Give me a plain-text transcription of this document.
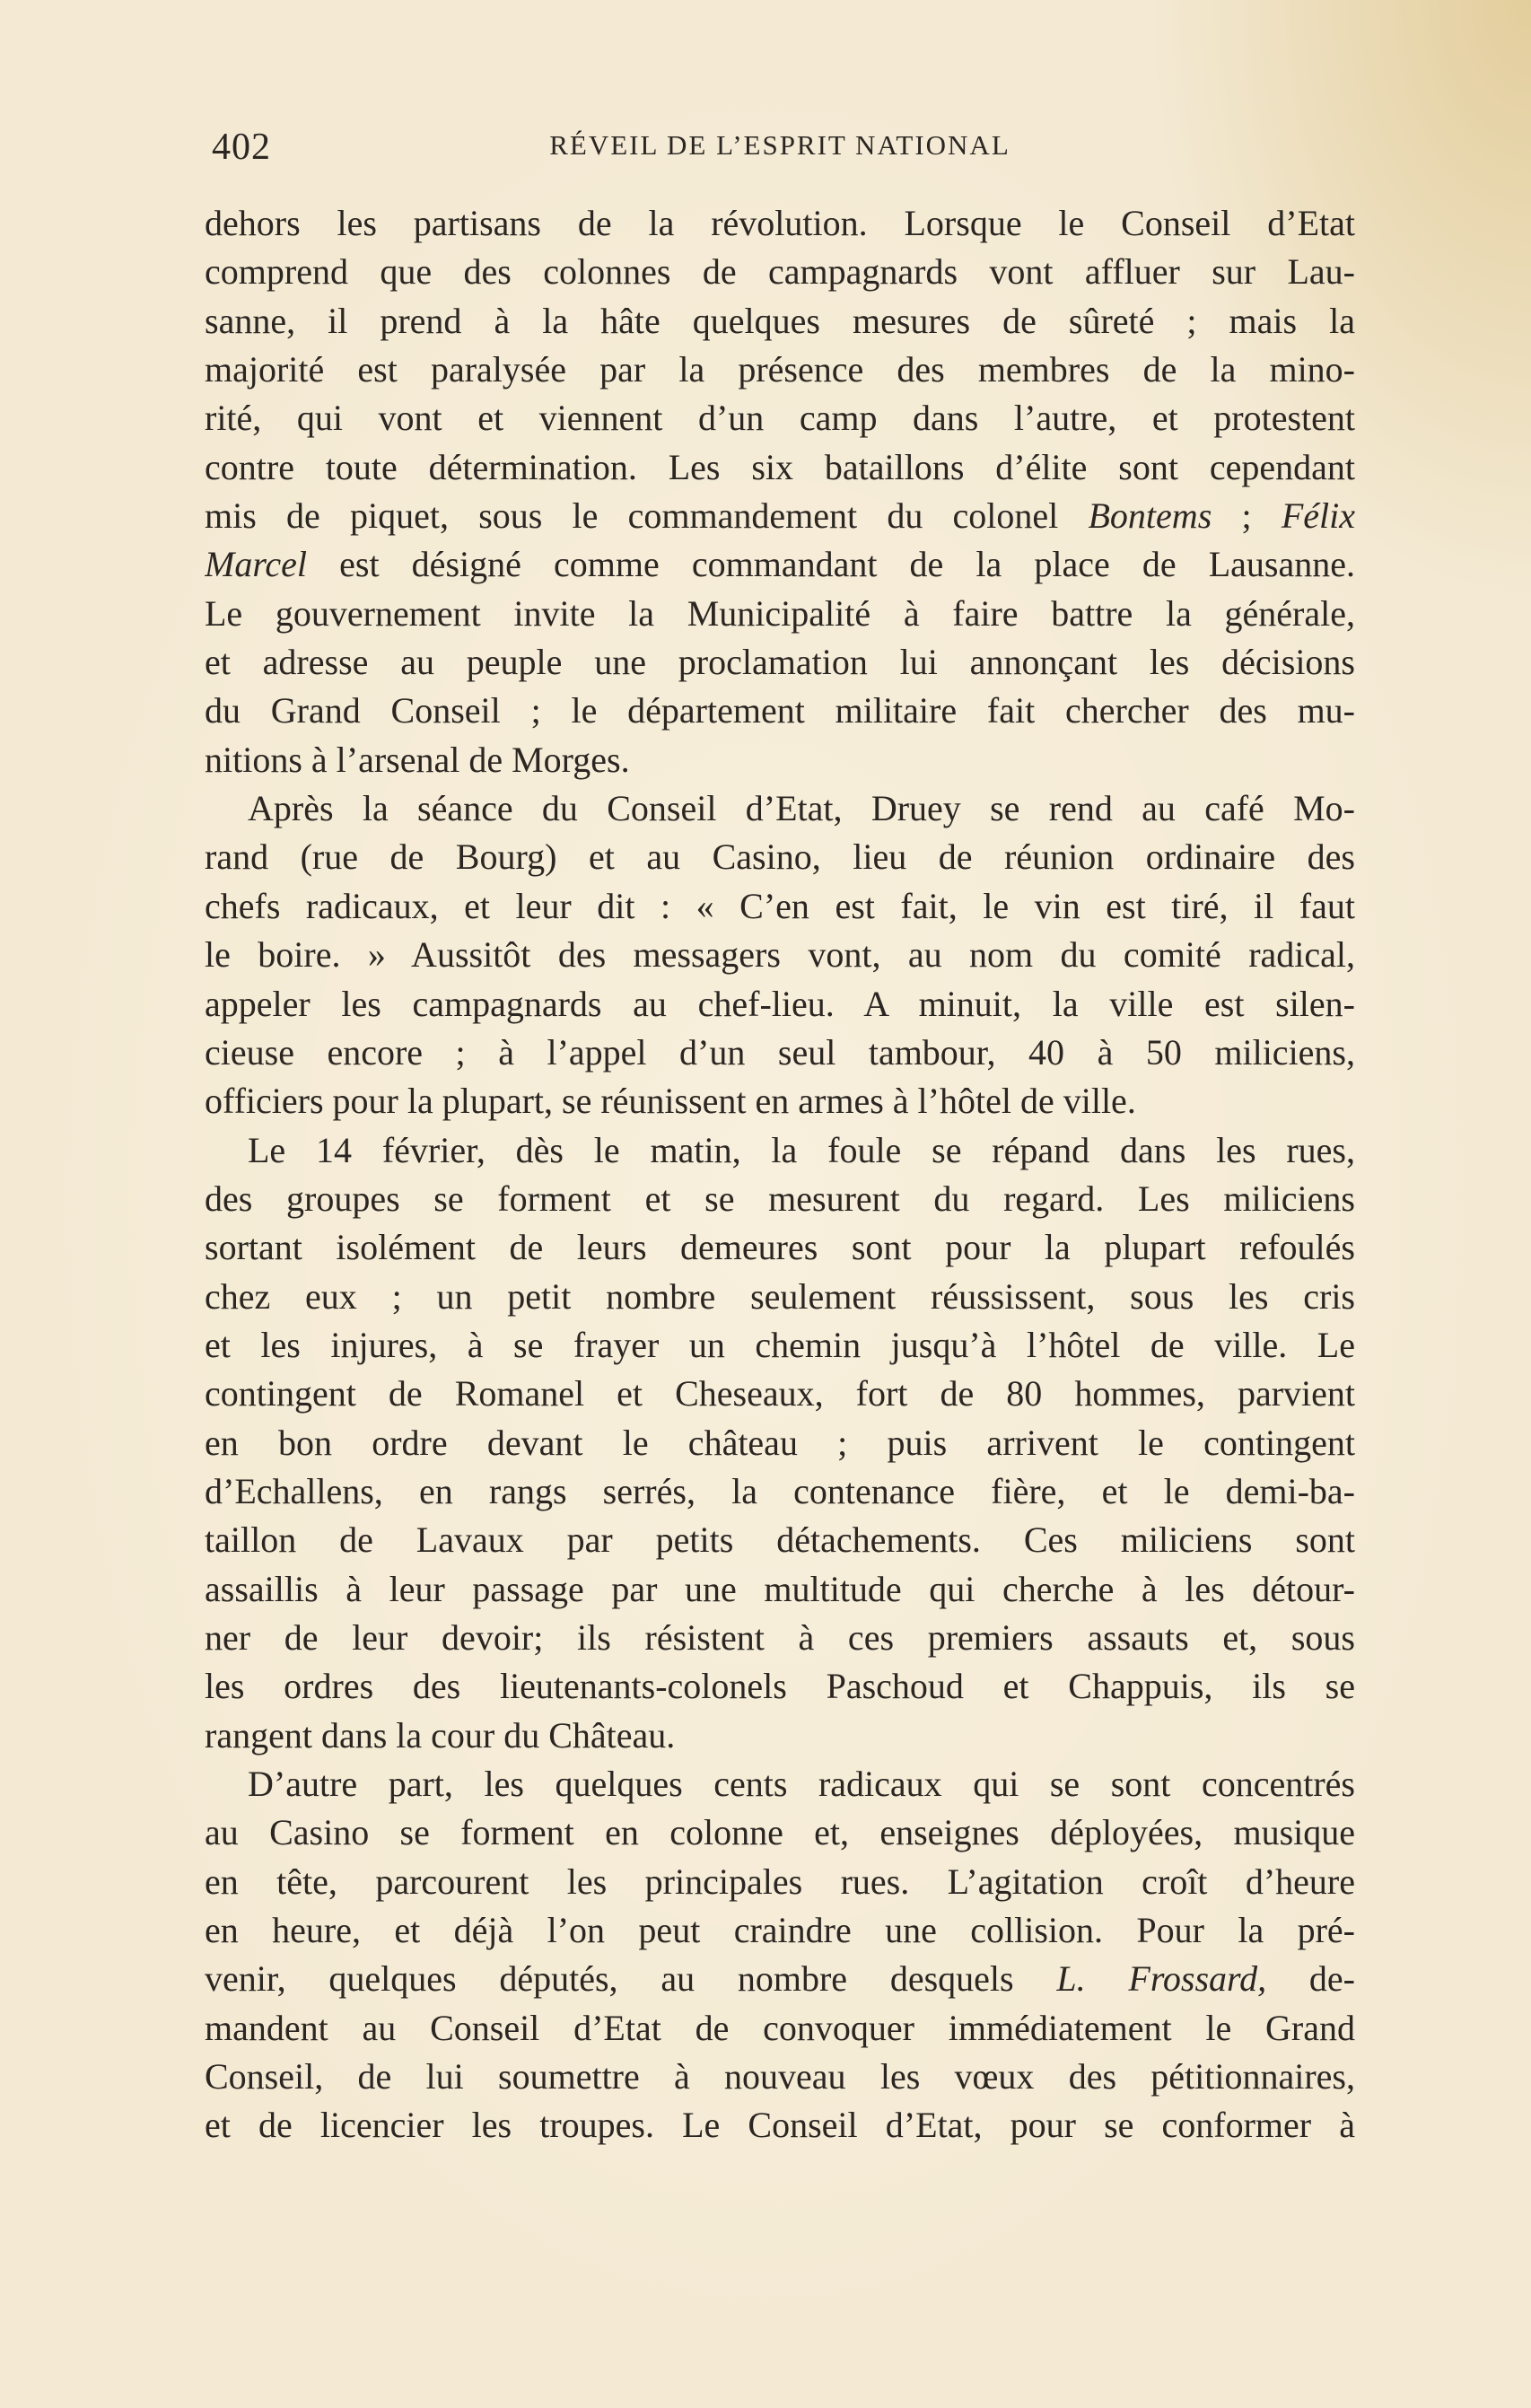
402	RÉVEIL DE L’ESPRIT NATIONAL
dehors les partisans de la révolution. Lorsque le Conseil d’Etat
comprend que des colonnes de campagnards vont affluer sur Lau-
sanne, il prend à la hâte quelques mesures de sûreté ; mais la
majorité est paralysée par la présence des membres de la mino-
rité, qui vont et viennent d’un camp dans l’autre, et protestent
contre toute détermination. Les six bataillons d’élite sont cependant
mis de piquet, sous le commandement du colonel Bontems ; Félix
Marcel est désigné comme commandant de la place de Lausanne.
Le gouvernement invite la Municipalité à faire battre la générale,
et adresse au peuple une proclamation lui annonçant les décisions
du Grand Conseil ; le département militaire fait chercher des mu-
nitions à l’arsenal de Morges.
Après la séance du Conseil d’Etat, Druey se rend au café Mo-
rand (rue de Bourg) et au Casino, lieu de réunion ordinaire des
chefs radicaux, et leur dit : « C’en est fait, le vin est tiré, il faut
le boire. » Aussitôt des messagers vont, au nom du comité radical,
appeler les campagnards au chef-lieu. A minuit, la ville est silen-
cieuse encore ; à l’appel d’un seul tambour, 40 à 50 miliciens,
officiers pour la plupart, se réunissent en armes à l’hôtel de ville.
Le 14 février, dès le matin, la foule se répand dans les rues,
des groupes se forment et se mesurent du regard. Les miliciens
sortant isolément de leurs demeures sont pour la plupart refoulés
chez eux ; un petit nombre seulement réussissent, sous les cris
et les injures, à se frayer un chemin jusqu’à l’hôtel de ville. Le
contingent de Romanel et Cheseaux, fort de 80 hommes, parvient
en bon ordre devant le château ; puis arrivent le contingent
d’Echallens, en rangs serrés, la contenance fière, et le demi-ba-
taillon de Lavaux par petits détachements. Ces miliciens sont
assaillis à leur passage par une multitude qui cherche à les détour-
ner de leur devoir; ils résistent à ces premiers assauts et, sous
les ordres des lieutenants-colonels Paschoud et Chappuis, ils se
rangent dans la cour du Château.
D’autre part, les quelques cents radicaux qui se sont concentrés
au Casino se forment en colonne et, enseignes déployées, musique
en tête, parcourent les principales rues. L’agitation croît d’heure
en heure, et déjà l’on peut craindre une collision. Pour la pré-
venir, quelques députés, au nombre desquels L. Frossard, de-
mandent au Conseil d’Etat de convoquer immédiatement le Grand
Conseil, de lui soumettre à nouveau les vœux des pétitionnaires,
et de licencier les troupes. Le Conseil d’Etat, pour se conformer à
